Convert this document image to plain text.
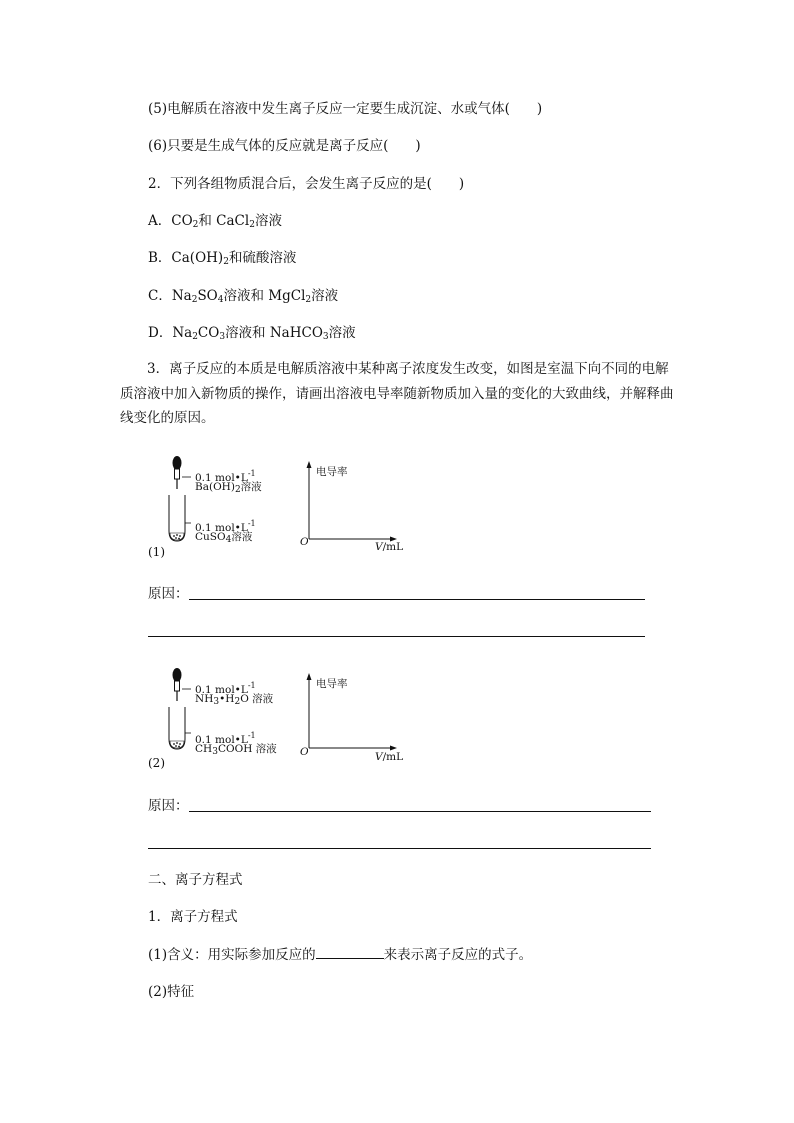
(5)电解质在溶液中发生离子反应一定要生成沉淀、水或气体(　　)
(6)只要是生成气体的反应就是离子反应(　　)
2．下列各组物质混合后，会发生离子反应的是(　　)
A．$CO_2$和 CaCl$_2$溶液
B．$Ca(OH)_2$和硫酸溶液
C．$Na_2SO_4$溶液和 MgCl$_2$溶液
D．$Na_2CO_3$溶液和 NaHCO$_3$溶液
3．离子反应的本质是电解质溶液中某种离子浓度发生改变，如图是室温下向不同的电解质溶液中加入新物质的操作，请画出溶液电导率随新物质加入量的变化的大致曲线，并解释曲线变化的原因。
0.1 $mol•L^{-1}$
$Ba(OH)_2$溶液
0.1 $mol•L^{-1}$
CuSO$_4$溶液
电导率
O	V/mL
(1)
原因：
0.1 $mol•L^{-1}$
$NH_3•H_2O$ 溶液
0.1 $mol•L^{-1}$
$CH_3COOH$ 溶液
电导率
O	V/mL
(2)
原因：
二、离子方程式
1．离子方程式
(1)含义：用实际参加反应的	来表示离子反应的式子。
(2)特征
